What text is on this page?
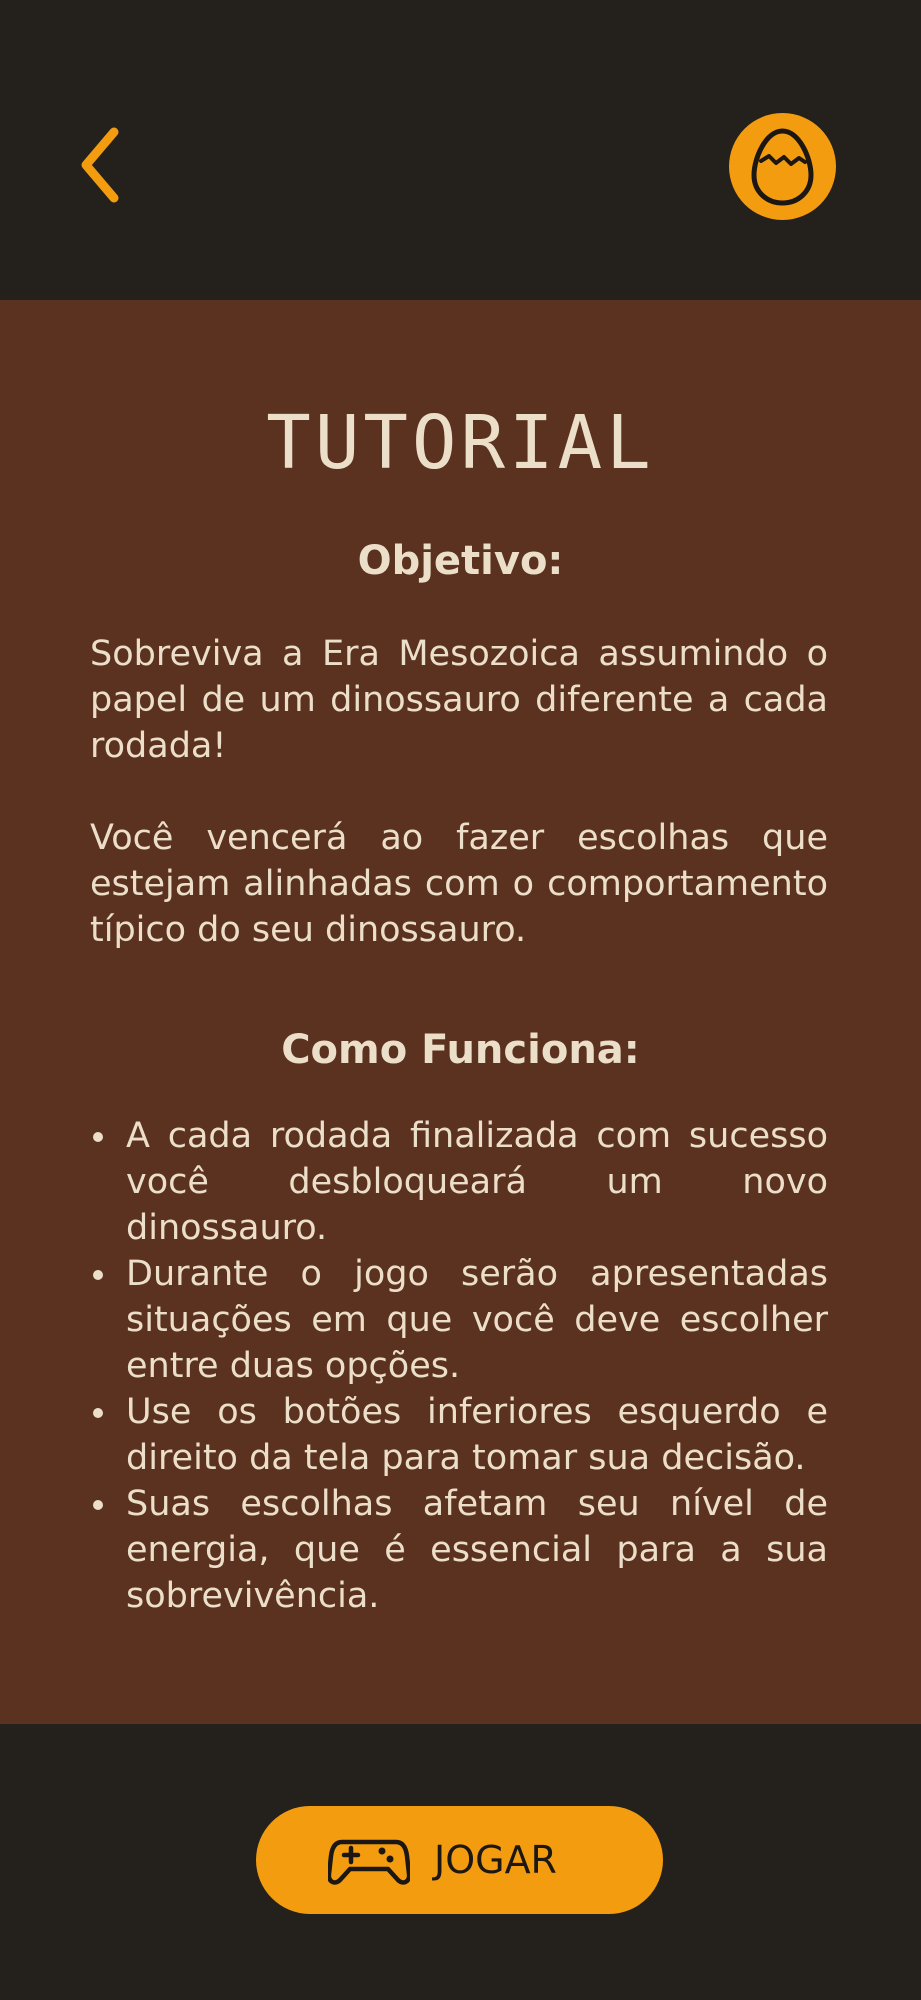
TUTORIAL
Objetivo:

Sobreviva a Era Mesozoica assumindo o papel de um dinossauro diferente a cada rodada!

Você vencerá ao fazer escolhas que estejam alinhadas com o comportamento típico do seu dinossauro.

Como Funciona:
A cada rodada finalizada com sucesso você desbloqueará um novo dinossauro.
Durante o jogo serão apresentadas situações em que você deve escolher entre duas opções.
Use os botões inferiores esquerdo e direito da tela para tomar sua decisão.
Suas escolhas afetam seu nível de energia, que é essencial para a sua sobrevivência.
JOGAR
